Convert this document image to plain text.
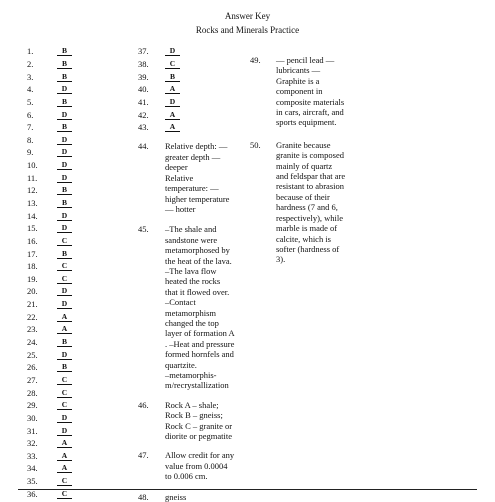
Answer Key
Rocks and Minerals Practice
1.	B
2.	B
3.	B
4.	D
5.	B
6.	D
7.	B
8.	D
9.	D
10.	D
11.	D
12.	B
13.	B
14.	D
15.	D
16.	C
17.	B
18.	C
19.	C
20.	D
21.	D
22.	A
23.	A
24.	B
25.	D
26.	B
27.	C
28.	C
29.	C
30.	D
31.	D
32.	A
33.	A
34.	A
35.	C
36.	C
37.	D
38.	C
39.	B
40.	A
41.	D
42.	A
43.	A
44.	Relative depth: —
greater depth —
deeper
Relative
temperature: —
higher temperature
— hotter
45.	–The shale and
sandstone were
metamorphosed by
the heat of the lava.
–The lava flow
heated the rocks
that it flowed over.
–Contact
metamorphism
changed the top
layer of formation A
. –Heat and pressure
formed hornfels and
quartzite.
–metamorphis-
m/recrystallization
46.	Rock A – shale;
Rock B – gneiss;
Rock C – granite or
diorite or pegmatite
47.	Allow credit for any
value from 0.0004
to 0.006 cm.
48.	gneiss
49.	— pencil lead —
lubricants —
Graphite is a
component in
composite materials
in cars, aircraft, and
sports equipment.
50.	Granite because
granite is composed
mainly of quartz
and feldspar that are
resistant to abrasion
because of their
hardness (7 and 6,
respectively), while
marble is made of
calcite, which is
softer (hardness of
3).
